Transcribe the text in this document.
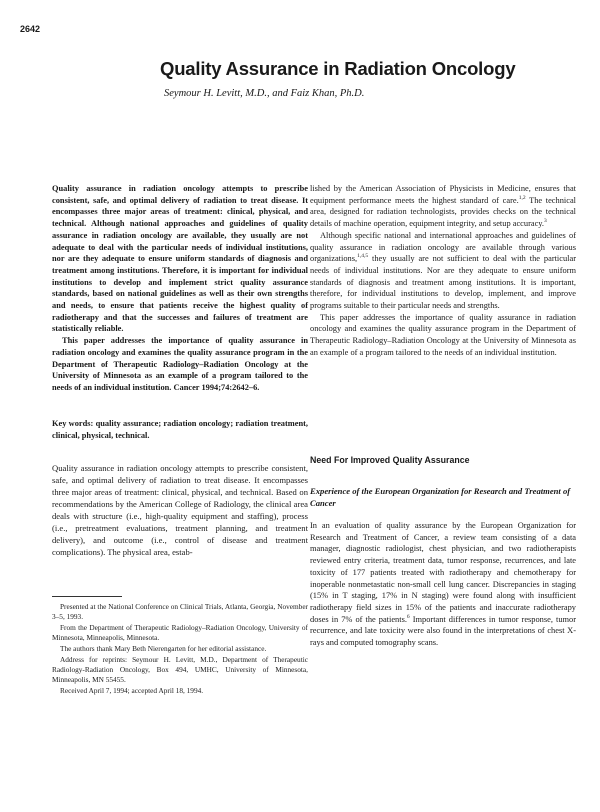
2642
Quality Assurance in Radiation Oncology
Seymour H. Levitt, M.D., and Faiz Khan, Ph.D.

Quality assurance in radiation oncology attempts to prescribe consistent, safe, and optimal delivery of radiation to treat disease. It encompasses three major areas of treatment: clinical, physical, and technical. Although national approaches and guidelines of quality assurance in radiation oncology are available, they usually are not adequate to deal with the particular needs of individual institutions, nor are they adequate to ensure uniform standards of diagnosis and treatment among institutions. Therefore, it is important for individual institutions to develop and implement strict quality assurance standards, based on national guidelines as well as their own strengths and needs, to ensure that patients receive the highest quality of radiotherapy and that the successes and failures of treatment are statistically reliable.

This paper addresses the importance of quality assurance in radiation oncology and examines the quality assurance program in the Department of Therapeutic Radiology–Radiation Oncology at the University of Minnesota as an example of a program tailored to the needs of an individual institution. Cancer 1994;74:2642–6.

Key words: quality assurance; radiation oncology; radiation treatment, clinical, physical, technical.

Quality assurance in radiation oncology attempts to prescribe consistent, safe, and optimal delivery of radiation to treat disease. It encompasses three major areas of treatment: clinical, physical, and technical. Based on recommendations by the American College of Radiology, the clinical area deals with structure (i.e., high-quality equipment and staffing), process (i.e., pretreatment evaluations, treatment planning, and treatment delivery), and outcome (i.e., control of disease and treatment complications). The physical area, estab-

Presented at the National Conference on Clinical Trials, Atlanta, Georgia, November 3–5, 1993.

From the Department of Therapeutic Radiology–Radiation Oncology, University of Minnesota, Minneapolis, Minnesota.

The authors thank Mary Beth Nierengarten for her editorial assistance.

Address for reprints: Seymour H. Levitt, M.D., Department of Therapeutic Radiology-Radiation Oncology, Box 494, UMHC, University of Minnesota, Minneapolis, MN 55455.

Received April 7, 1994; accepted April 18, 1994.

lished by the American Association of Physicists in Medicine, ensures that equipment performance meets the highest standard of care.$^{1,2}$ The technical area, designed for radiation technologists, provides checks on the technical details of machine operation, equipment integrity, and setup accuracy.$^3$

Although specific national and international approaches and guidelines of quality assurance in radiation oncology are available through various organizations,$^{1,4,5}$ they usually are not sufficient to deal with the particular needs of individual institutions. Nor are they adequate to ensure uniform standards of diagnosis and treatment among institutions. It is important, therefore, for individual institutions to develop, implement, and improve programs suitable to their particular needs and strengths.

This paper addresses the importance of quality assurance in radiation oncology and examines the quality assurance program in the Department of Therapeutic Radiology–Radiation Oncology at the University of Minnesota as an example of a program tailored to the needs of an individual institution.

Need For Improved Quality Assurance
Experience of the European Organization for Research and Treatment of Cancer

In an evaluation of quality assurance by the European Organization for Research and Treatment of Cancer, a review team consisting of a data manager, diagnostic radiologist, chest physician, and two radiotherapists reviewed entry criteria, treatment data, tumor response, recurrences, and late toxicity of 177 patients treated with radiotherapy and chemotherapy for inoperable nonmetastatic non-small cell lung cancer. Discrepancies in staging (15% in T staging, 17% in N staging) were found along with insufficient radiotherapy field sizes in 15% of the patients and inaccurate radiotherapy doses in 7% of the patients.$^6$ Important differences in tumor response, tumor recurrence, and late toxicity were also found in the interpretations of chest X-rays and computed tomography scans.
